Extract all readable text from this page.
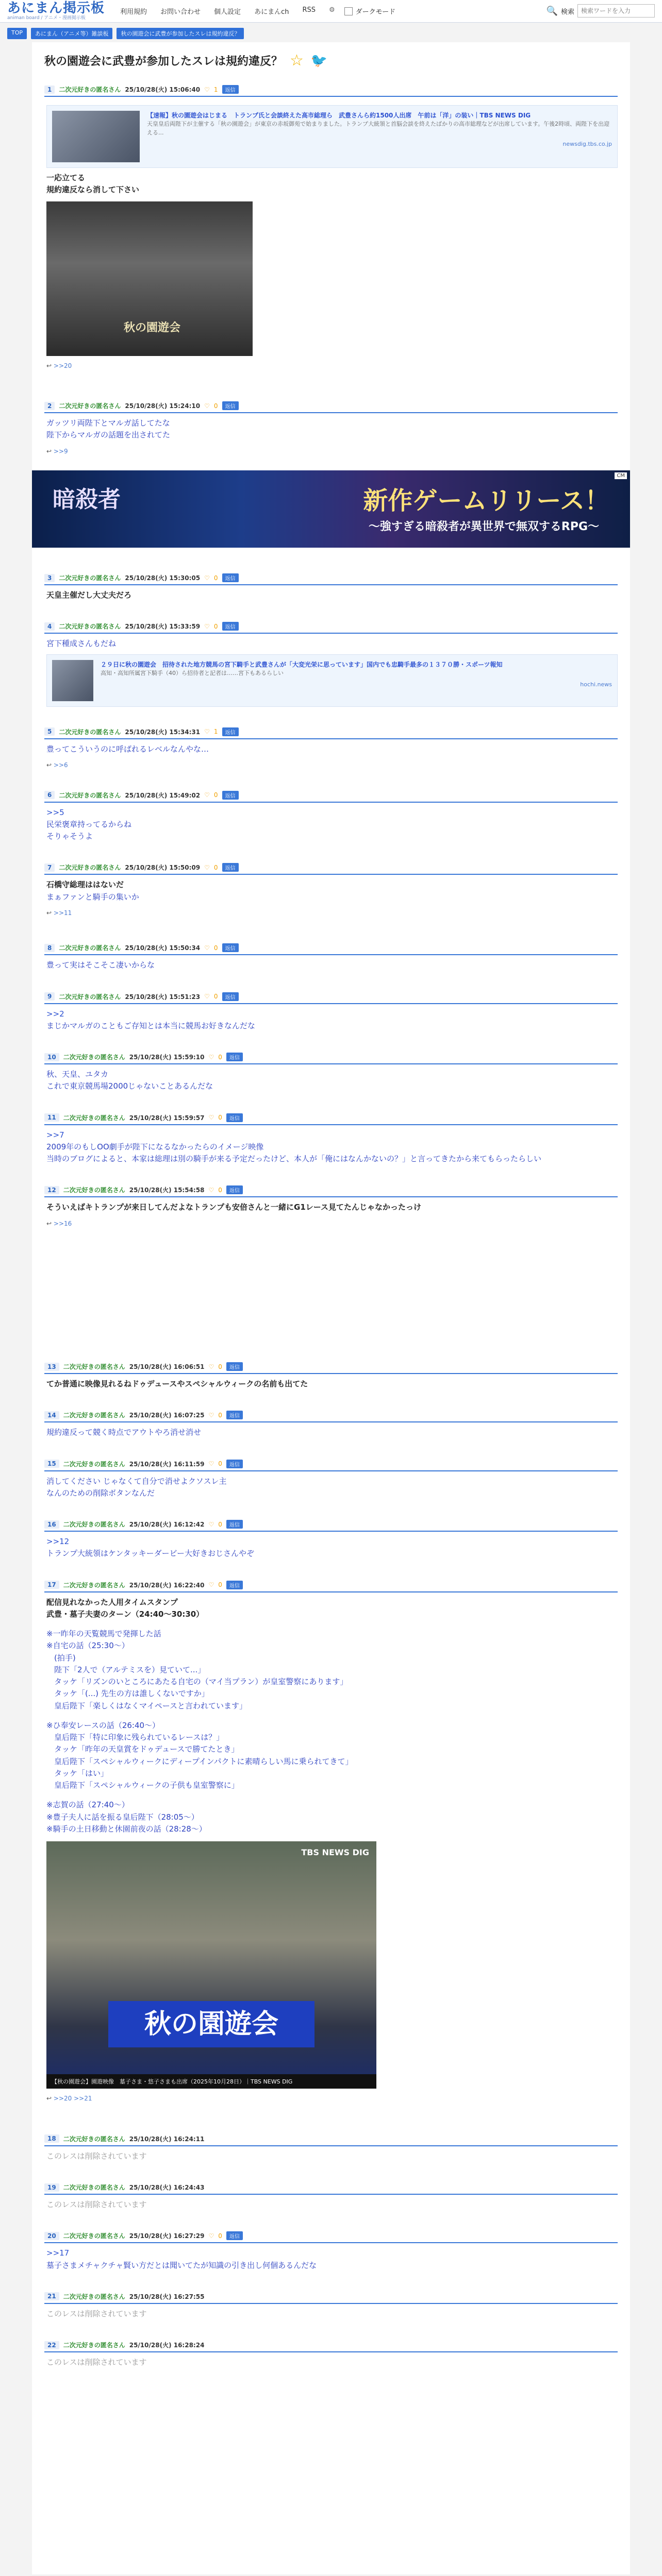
あにまん掲示板
animan board / アニメ・漫画掲示板
利用規約 お問い合わせ 個人設定 あにまんch RSS ⚙	ダークモード	🔍 検索
検索ワードを入力
TOP	あにまん（アニメ等）雑談板	秋の園遊会に武豊が参加したスレは規約違反？
秋の園遊会に武豊が参加したスレは規約違反？ ☆ 🐦
1	二次元好きの匿名さん 25/10/28(火) 15:06:40 ♡ 1	返信
【速報】秋の園遊会はじまる　トランプ氏と会談終えた高市総理ら　武豊さんら約1500人出席　午前は「洋」の装い｜TBS NEWS DIG
天皇皇后両陛下が主催する「秋の園遊会」が東京の赤坂御苑で始まりました。トランプ大統領と首脳会談を終えたばかりの高市総理などが出席しています。午後2時頃、両陛下を出迎える...
newsdig.tbs.co.jp
一応立てる
規約違反なら消して下さい
秋の園遊会
↩ >>20
2	二次元好きの匿名さん 25/10/28(火) 15:24:10 ♡ 0	返信
ガッツリ両陛下とマルガ話してたな
陛下からマルガの話題を出されてた
↩ >>9
暗殺者	新作ゲームリリース！
〜強すぎる暗殺者が異世界で無双するRPG〜
CM
3	二次元好きの匿名さん 25/10/28(火) 15:30:05 ♡ 0	返信
天皇主催だし大丈夫だろ
4	二次元好きの匿名さん 25/10/28(火) 15:33:59 ♡ 0	返信
宮下種成さんもだね
２９日に秋の園遊会　招待された地方競馬の宮下騎手と武豊さんが「大変光栄に思っています」国内でも忠騎手最多の１３７０勝・スポーツ報知
高知・高知所属宮下騎手（40）ら招待者と記者は……宮下もあるらしい
hochi.news
5	二次元好きの匿名さん 25/10/28(火) 15:34:31 ♡ 1	返信
豊ってこういうのに呼ばれるレベルなんやな…
↩ >>6
6	二次元好きの匿名さん 25/10/28(火) 15:49:02 ♡ 0	返信
>>5
民栄褒章持ってるからね
そりゃそうよ
7	二次元好きの匿名さん 25/10/28(火) 15:50:09 ♡ 0	返信
石橋守総理ははないだ
まぁファンと騎手の集いか
↩ >>11
8	二次元好きの匿名さん 25/10/28(火) 15:50:34 ♡ 0	返信
豊って実はそこそこ凄いからな
9	二次元好きの匿名さん 25/10/28(火) 15:51:23 ♡ 0	返信
>>2
まじかマルガのこともご存知とは本当に競馬お好きなんだな
10	二次元好きの匿名さん 25/10/28(火) 15:59:10 ♡ 0	返信
秋、天皇、ユタカ
これで東京競馬場2000じゃないことあるんだな
11	二次元好きの匿名さん 25/10/28(火) 15:59:57 ♡ 0	返信
>>7
2009年のもしOO劇手が陛下になるなかったらのイメージ映像
当時のブログによると、本家は総理は別の騎手が来る予定だったけど、本人が「俺にはなんかないの？」と言ってきたから来てもらったらしい
12	二次元好きの匿名さん 25/10/28(火) 15:54:58 ♡ 0	返信
そういえばキトランプが来日してんだよなトランプも安倍さんと一緒にG1レース見てたんじゃなかったっけ
↩ >>16
13	二次元好きの匿名さん 25/10/28(火) 16:06:51 ♡ 0	返信
てか普通に映像見れるねドゥデュースやスペシャルウィークの名前も出てた
14	二次元好きの匿名さん 25/10/28(火) 16:07:25 ♡ 0	返信
規約違反って競く時点でアウトやろ消せ消せ
15	二次元好きの匿名さん 25/10/28(火) 16:11:59 ♡ 0	返信
消してください じゃなくて自分で消せよクソスレ主
なんのための削除ボタンなんだ
16	二次元好きの匿名さん 25/10/28(火) 16:12:42 ♡ 0	返信
>>12
トランプ大統領はケンタッキーダービー大好きおじさんやぞ
17	二次元好きの匿名さん 25/10/28(火) 16:22:40 ♡ 0	返信
配信見れなかった人用タイムスタンプ
武豊・墓子夫妻のターン（24:40〜30:30）
※一昨年の天覧競馬で発揮した話
※自宅の話（25:30〜）
　(拍手)
　陛下「2人で（アルテミスを）見ていて...」
　タッケ「リズンのいところにあたる自宅の（マイ当プラン）が皇室警察にあります」
　タッケ「(...) 先生の方は誰しくないですか」
　皇后陛下「楽しくはなくマイペースと言われています」
※ひ奉安レースの話（26:40〜）
　皇后陛下「特に印象に残られているレースは？」
　タッケ「昨年の天皇賞をドゥデュースで勝てたとき」
　皇后陛下「スペシャルウィークにディープインパクトに素晴らしい馬に乗られてきて」
　タッケ「はい」
　皇后陛下「スペシャルウィークの子供も皇室警察に」
※志賀の話（27:40〜）
※豊子夫人に話を振る皇后陛下（28:05〜）
※騎手の土日移動と休園前夜の話（28:28〜）
TBS NEWS DIG
秋の園遊会
【秋の園遊会】園遊映像　墓子さま・悠子さまも出席（2025年10月28日）｜TBS NEWS DIG
↩ >>20 >>21
18	二次元好きの匿名さん 25/10/28(火) 16:24:11
このレスは削除されています
19	二次元好きの匿名さん 25/10/28(火) 16:24:43
このレスは削除されています
20	二次元好きの匿名さん 25/10/28(火) 16:27:29 ♡ 0	返信
>>17
墓子さまメチャクチャ賢い方だとは聞いてたが知識の引き出し何個あるんだな
21	二次元好きの匿名さん 25/10/28(火) 16:27:55
このレスは削除されています
22	二次元好きの匿名さん 25/10/28(火) 16:28:24
このレスは削除されています
